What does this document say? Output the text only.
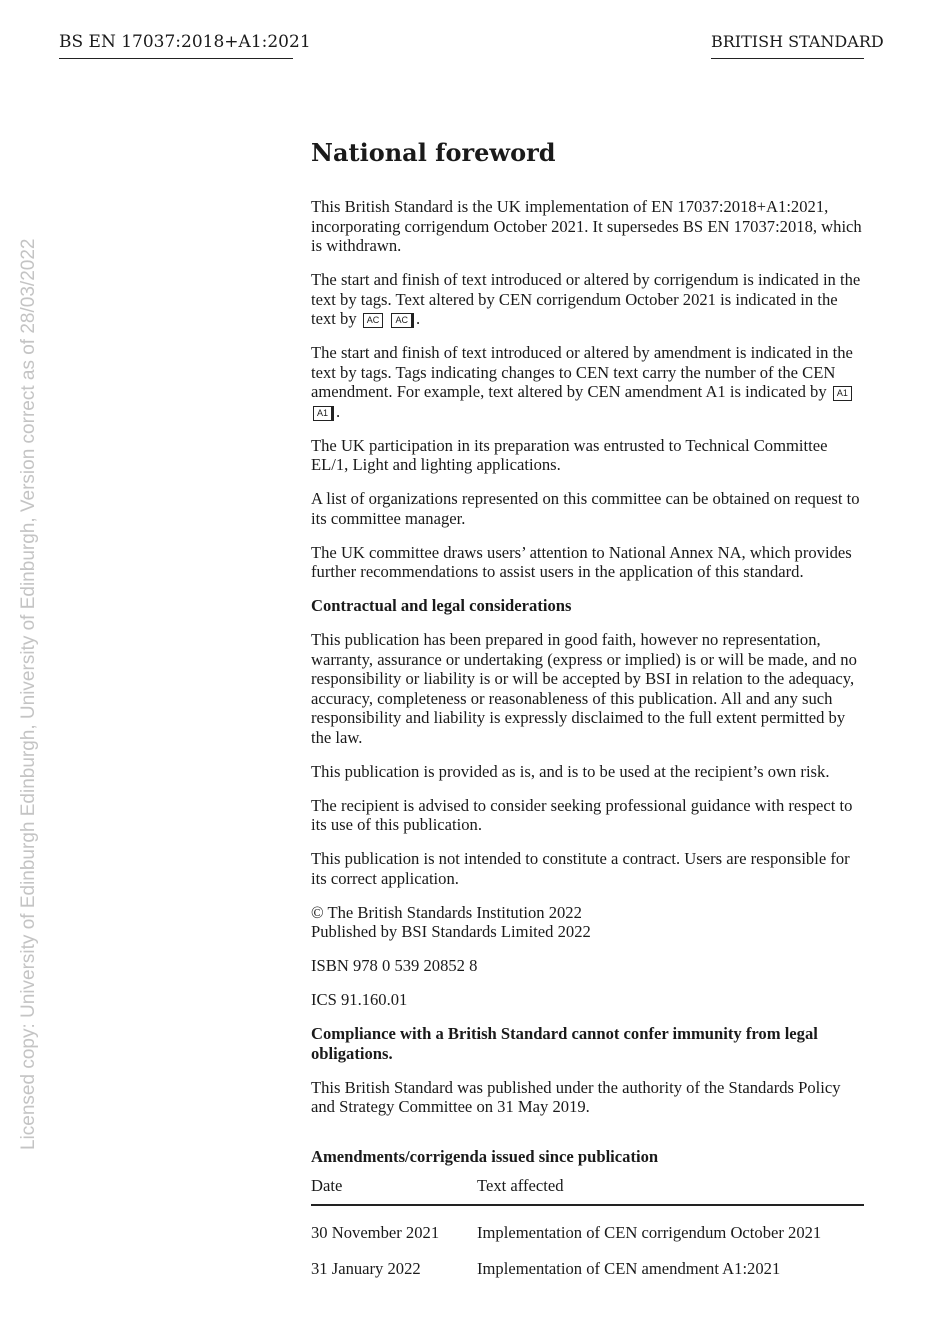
BS EN 17037:2018+A1:2021	BRITISH STANDARD
Licensed copy: University of Edinburgh Edinburgh, University of Edinburgh, Version correct as of 28/03/2022
National foreword

This British Standard is the UK implementation of EN 17037:2018+A1:2021, incorporating corrigendum October 2021. It supersedes BS EN 17037:2018, which is withdrawn.

The start and finish of text introduced or altered by corrigendum is indicated in the text by tags. Text altered by CEN corrigendum October 2021 is indicated in the text by AC AC .

The start and finish of text introduced or altered by amendment is indicated in the text by tags. Tags indicating changes to CEN text carry the number of the CEN amendment. For example, text altered by CEN amendment A1 is indicated by A1 A1 .

The UK participation in its preparation was entrusted to Technical Committee EL/1, Light and lighting applications.

A list of organizations represented on this committee can be obtained on request to its committee manager.

The UK committee draws users’ attention to National Annex NA, which provides further recommendations to assist users in the application of this standard.

Contractual and legal considerations

This publication has been prepared in good faith, however no representation, warranty, assurance or undertaking (express or implied) is or will be made, and no responsibility or liability is or will be accepted by BSI in relation to the adequacy, accuracy, completeness or reasonableness of this publication. All and any such responsibility and liability is expressly disclaimed to the full extent permitted by the law.

This publication is provided as is, and is to be used at the recipient’s own risk.

The recipient is advised to consider seeking professional guidance with respect to its use of this publication.

This publication is not intended to constitute a contract. Users are responsible for its correct application.

© The British Standards Institution 2022
Published by BSI Standards Limited 2022

ISBN 978 0 539 20852 8

ICS 91.160.01

Compliance with a British Standard cannot confer immunity from legal obligations.

This British Standard was published under the authority of the Standards Policy and Strategy Committee on 31 May 2019.

Amendments/corrigenda issued since publication
Date	Text affected
30 November 2021	Implementation of CEN corrigendum October 2021
31 January 2022	Implementation of CEN amendment A1:2021
